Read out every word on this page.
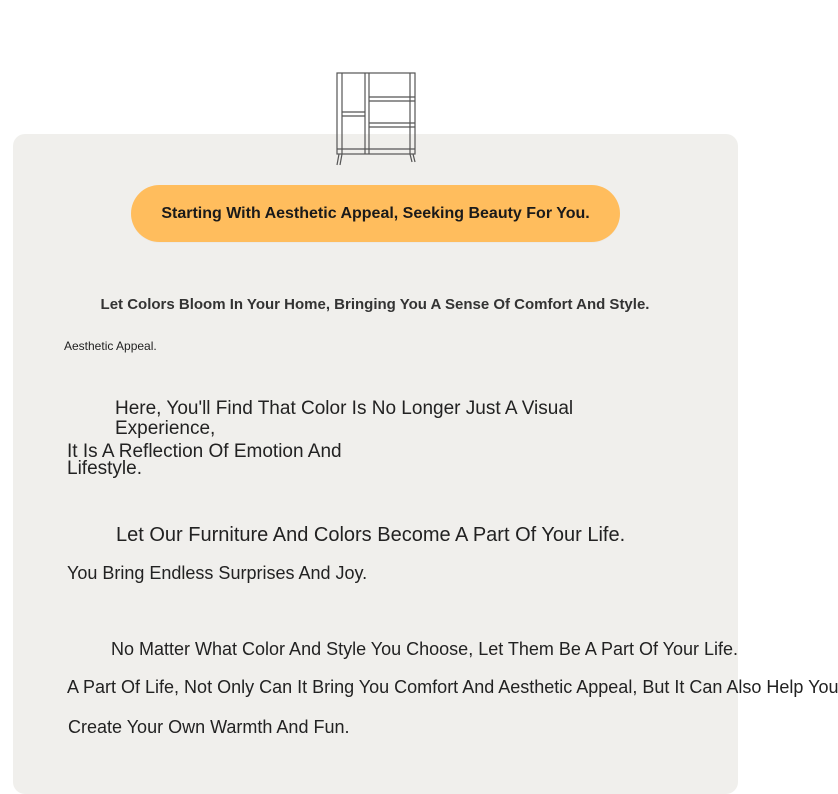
Starting With Aesthetic Appeal, Seeking Beauty For You.
Let Colors Bloom In Your Home, Bringing You A Sense Of Comfort And Style.
Aesthetic Appeal.
Here, You'll Find That Color Is No Longer Just A Visual
Experience,
It Is A Reflection Of Emotion And
Lifestyle.
Let Our Furniture And Colors Become A Part Of Your Life.
You Bring Endless Surprises And Joy.
No Matter What Color And Style You Choose, Let Them Be A Part Of Your Life.
A Part Of Life, Not Only Can It Bring You Comfort And Aesthetic Appeal, But It Can Also Help You
Create Your Own Warmth And Fun.
